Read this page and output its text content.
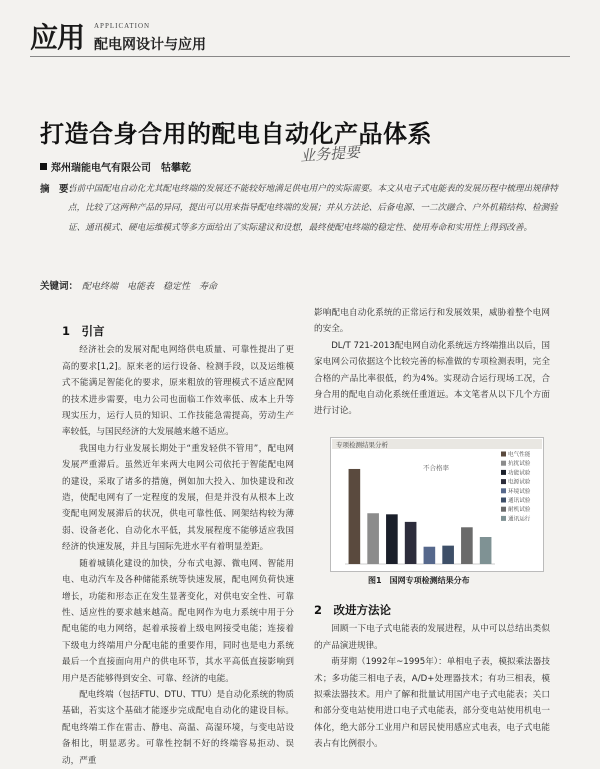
应用 APPLICATION
配电网设计与应用
打造合身合用的配电自动化产品体系
郑州瑞能电气有限公司　牯攀乾
业务提要
摘　要：
当前中国配电自动化尤其配电终端的发展还不能较好地满足供电用户的实际需要。本文从电子式电能表的发展历程中梳理出规律特点，比较了这两种产品的异同，提出可以用来指导配电终端的发展；并从方法论、后备电源、一二次融合、户外机箱结构、检测验证、通讯模式、硬电运维模式等多方面给出了实际建议和设想，最终使配电终端的稳定性、使用寿命和实用性上得到改善。
关键词： 配电终端　电能表　稳定性　寿命
1　引言

经济社会的发展对配电网络供电质量、可靠性提出了更高的要求[1,2]。原来老的运行设备、检测手段，以及运维模式不能满足智能化的要求，原来粗放的管理模式不适应配网的技术进步需要，电力公司也面临工作效率低、成本上升等现实压力，运行人员的知识、工作技能急需提高，劳动生产率较低，与国民经济的大发展越来越不适应。

我国电力行业发展长期处于“重发轻供不管用”，配电网发展严重滞后。虽然近年来两大电网公司依托于智能配电网的建设，采取了诸多的措施，例如加大投入、加快建设和改造，使配电网有了一定程度的发展，但是并没有从根本上改变配电网发展滞后的状况，供电可靠性低、网架结构较为薄弱、设备老化、自动化水平低，其发展程度不能够适应我国经济的快速发展，并且与国际先进水平有着明显差距。

随着城镇化建设的加快，分布式电源、微电网、智能用电、电动汽车及各种储能系统等快速发展，配电网负荷快速增长，功能和形态正在发生显著变化，对供电安全性、可靠性、适应性的要求越来越高。配电网作为电力系统中用于分配电能的电力网络，起着承接着上级电网接受电能；连接着下级电力终端用户分配电能的重要作用，同时也是电力系统最后一个直接面向用户的供电环节，其水平高低直接影响到用户是否能够得到安全、可靠、经济的电能。

配电终端（包括FTU、DTU、TTU）是自动化系统的物质基础，若实这个基础才能逐步完成配电自动化的建设目标。配电终端工作在雷击、静电、高温、高湿环境，与变电站设备相比，明显恶劣。可靠性控制不好的终端容易拒动、误动，严重

影响配电自动化系统的正常运行和发展效果，威胁着整个电网的安全。

DL/T 721-2013配电网自动化系统远方终端推出以后，国家电网公司依据这个比较完善的标准做的专项检测表明，完全合格的产品比率很低，约为4%。实现动合运行现场工况，合身合用的配电自动化系统任重道远。本文笔者从以下几个方面进行讨论。

专项检测结果分析
不合格率
电气性能
抗扰试验
功能试验
电源试验
环境试验
通讯试验
耐机试验
通讯运行
图1　国网专项检测结果分布
2　改进方法论

回顾一下电子式电能表的发展进程，从中可以总结出类似的产品演进规律。

萌芽期（1992年~1995年）：单相电子表，模拟乘法器技术；多功能三相电子表，A/D+处理器技术；有功三相表，模拟乘法器技术。用户了解和批量试用国产电子式电能表；关口和部分变电站使用进口电子式电能表，部分变电站使用机电一体化，绝大部分工业用户和居民使用感应式电表，电子式电能表占有比例很小。
